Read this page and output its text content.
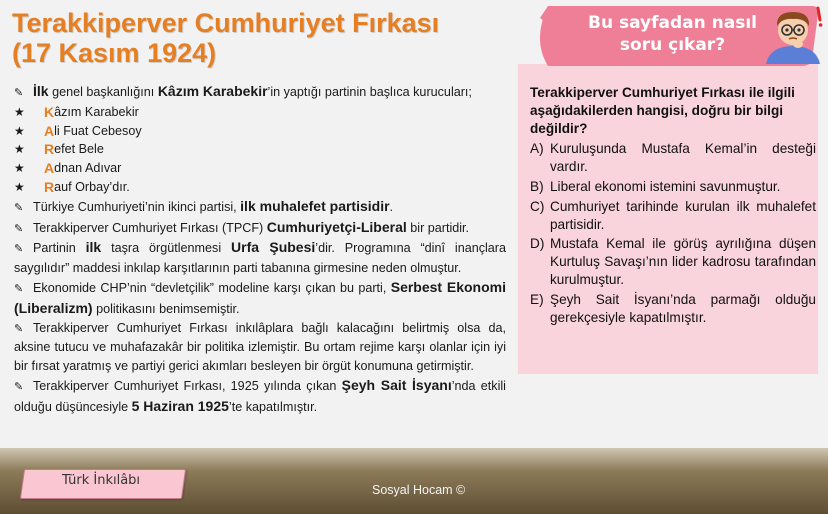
Terakkiperver Cumhuriyet Fırkası
(17 Kasım 1924)

✎ İlk genel başkanlığını Kâzım Karabekir’in yaptığı partinin başlıca kurucuları;

★	K âzım Karabekir
★	A li Fuat Cebesoy
★	R efet Bele
★	A dnan Adıvar
★	R auf Orbay’dır.

✎ Türkiye Cumhuriyeti’nin ikinci partisi, ilk muhalefet partisidir.

✎ Terakkiperver Cumhuriyet Fırkası (TPCF) Cumhuriyetçi-Liberal bir partidir.

✎ Partinin ilk taşra örgütlenmesi Urfa Şubesi’dir. Programına “dinî inançlara saygılıdır” maddesi inkılap karşıtlarının parti tabanına girmesine neden olmuştur.

✎ Ekonomide CHP’nin “devletçilik” modeline karşı çıkan bu parti, Serbest Ekonomi (Liberalizm) politikasını benimsemiştir.

✎ Terakkiperver Cumhuriyet Fırkası inkılâplara bağlı kalacağını belirtmiş olsa da, aksine tutucu ve muhafazakâr bir politika izlemiştir. Bu ortam rejime karşı olanlar için iyi bir fırsat yaratmış ve partiyi gerici akımları besleyen bir örgüt konumuna getirmiştir.

✎ Terakkiperver Cumhuriyet Fırkası, 1925 yılında çıkan Şeyh Sait İsyanı’nda etkili olduğu düşüncesiyle 5 Haziran 1925’te kapatılmıştır.

Bu sayfadan nasıl
soru çıkar?

Terakkiperver Cumhuriyet Fırkası ile ilgili aşağıdakilerden hangisi, doğru bir bilgi değildir?

A) Kuruluşunda Mustafa Kemal’in desteği vardır.
B) Liberal ekonomi istemini savunmuştur.
C) Cumhuriyet tarihinde kurulan ilk muhalefet partisidir.
D) Mustafa Kemal ile görüş ayrılığına düşen Kurtuluş Savaşı’nın lider kadrosu tarafından kurulmuştur.
E) Şeyh Sait İsyanı’nda parmağı olduğu gerekçesiyle kapatılmıştır.
Türk İnkılâbı
Sosyal Hocam ©
